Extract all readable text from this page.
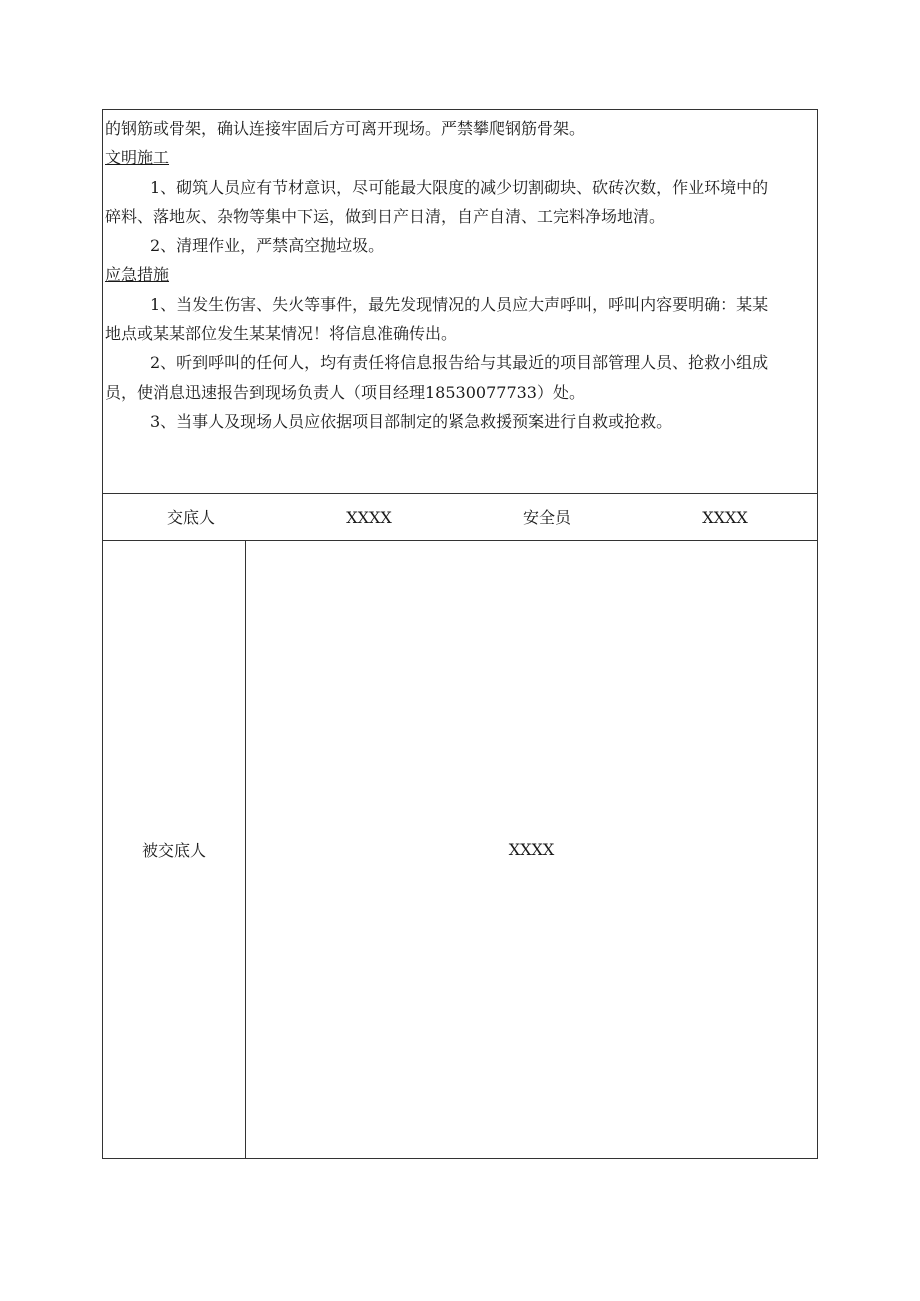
的钢筋或骨架，确认连接牢固后方可离开现场。严禁攀爬钢筋骨架。
文明施工
1、砌筑人员应有节材意识，尽可能最大限度的减少切割砌块、砍砖次数，作业环境中的
碎料、落地灰、杂物等集中下运，做到日产日清，自产自清、工完料净场地清。
2、清理作业，严禁高空抛垃圾。
应急措施
1、当发生伤害、失火等事件，最先发现情况的人员应大声呼叫，呼叫内容要明确：某某
地点或某某部位发生某某情况！将信息准确传出。
2、听到呼叫的任何人，均有责任将信息报告给与其最近的项目部管理人员、抢救小组成
员，使消息迅速报告到现场负责人（项目经理18530077733）处。
3、当事人及现场人员应依据项目部制定的紧急救援预案进行自救或抢救。
交底人	XXXX	安全员	XXXX
被交底人	XXXX
